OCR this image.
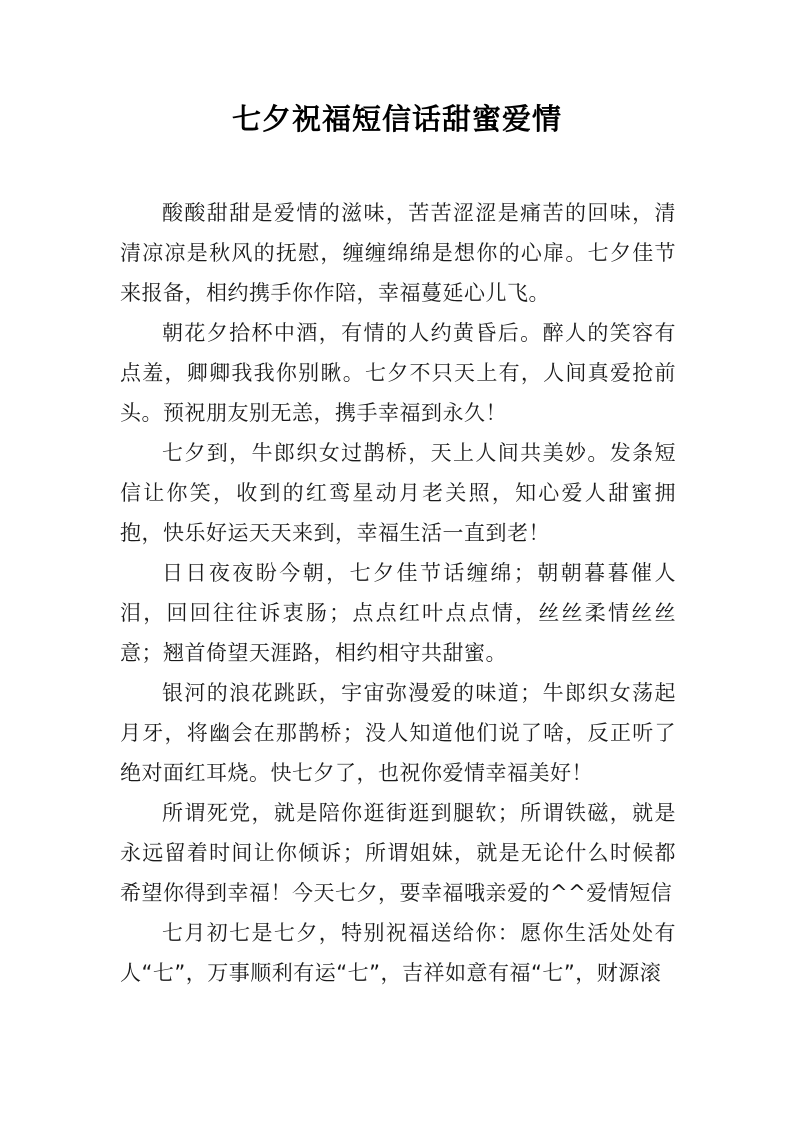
七夕祝福短信话甜蜜爱情

酸酸甜甜是爱情的滋味，苦苦涩涩是痛苦的回味，清清凉凉是秋风的抚慰，缠缠绵绵是想你的心扉。七夕佳节来报备，相约携手你作陪，幸福蔓延心儿飞。

朝花夕拾杯中酒，有情的人约黄昏后。醉人的笑容有点羞，卿卿我我你别瞅。七夕不只天上有，人间真爱抢前头。预祝朋友别无恙，携手幸福到永久！

七夕到，牛郎织女过鹊桥，天上人间共美妙。发条短信让你笑，收到的红鸾星动月老关照，知心爱人甜蜜拥抱，快乐好运天天来到，幸福生活一直到老！

日日夜夜盼今朝，七夕佳节话缠绵；朝朝暮暮催人泪，回回往往诉衷肠；点点红叶点点情，丝丝柔情丝丝意；翘首倚望天涯路，相约相守共甜蜜。

银河的浪花跳跃，宇宙弥漫爱的味道；牛郎织女荡起月牙，将幽会在那鹊桥；没人知道他们说了啥，反正听了绝对面红耳烧。快七夕了，也祝你爱情幸福美好！

所谓死党，就是陪你逛街逛到腿软；所谓铁磁，就是永远留着时间让你倾诉；所谓姐妹，就是无论什么时候都希望你得到幸福！今天七夕，要幸福哦亲爱的^^爱情短信

七月初七是七夕，特别祝福送给你：愿你生活处处有人“七”，万事顺利有运“七”，吉祥如意有福“七”，财源滚
